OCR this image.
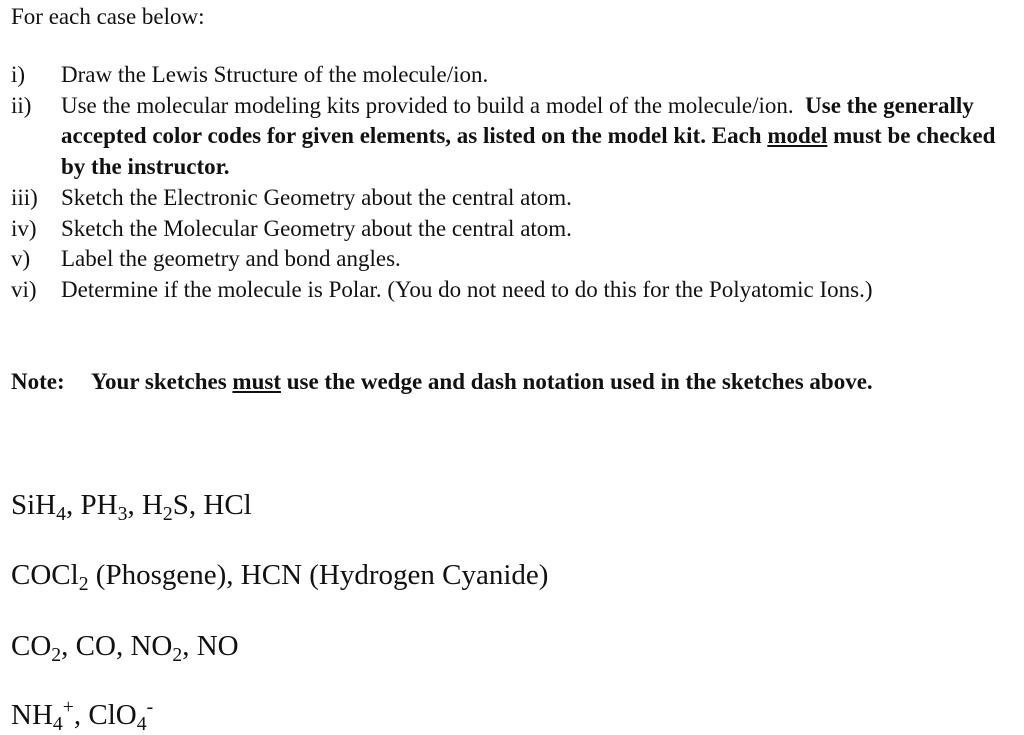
For each case below:
i)	Draw the Lewis Structure of the molecule/ion.
ii)	Use the molecular modeling kits provided to build a model of the molecule/ion. Use the generally accepted color codes for given elements, as listed on the model kit. Each model must be checked by the instructor.
iii)	Sketch the Electronic Geometry about the central atom.
iv)	Sketch the Molecular Geometry about the central atom.
v)	Label the geometry and bond angles.
vi)	Determine if the molecule is Polar. (You do not need to do this for the Polyatomic Ions.)
Note:	Your sketches must use the wedge and dash notation used in the sketches above.
SiH$_4$, $PH_3$, $H_2S$, HCl
COCl$_2$ (Phosgene), HCN (Hydrogen Cyanide)
$CO_2$, CO, $NO_2$, NO
$NH_4^+$, ClO$_4$-
